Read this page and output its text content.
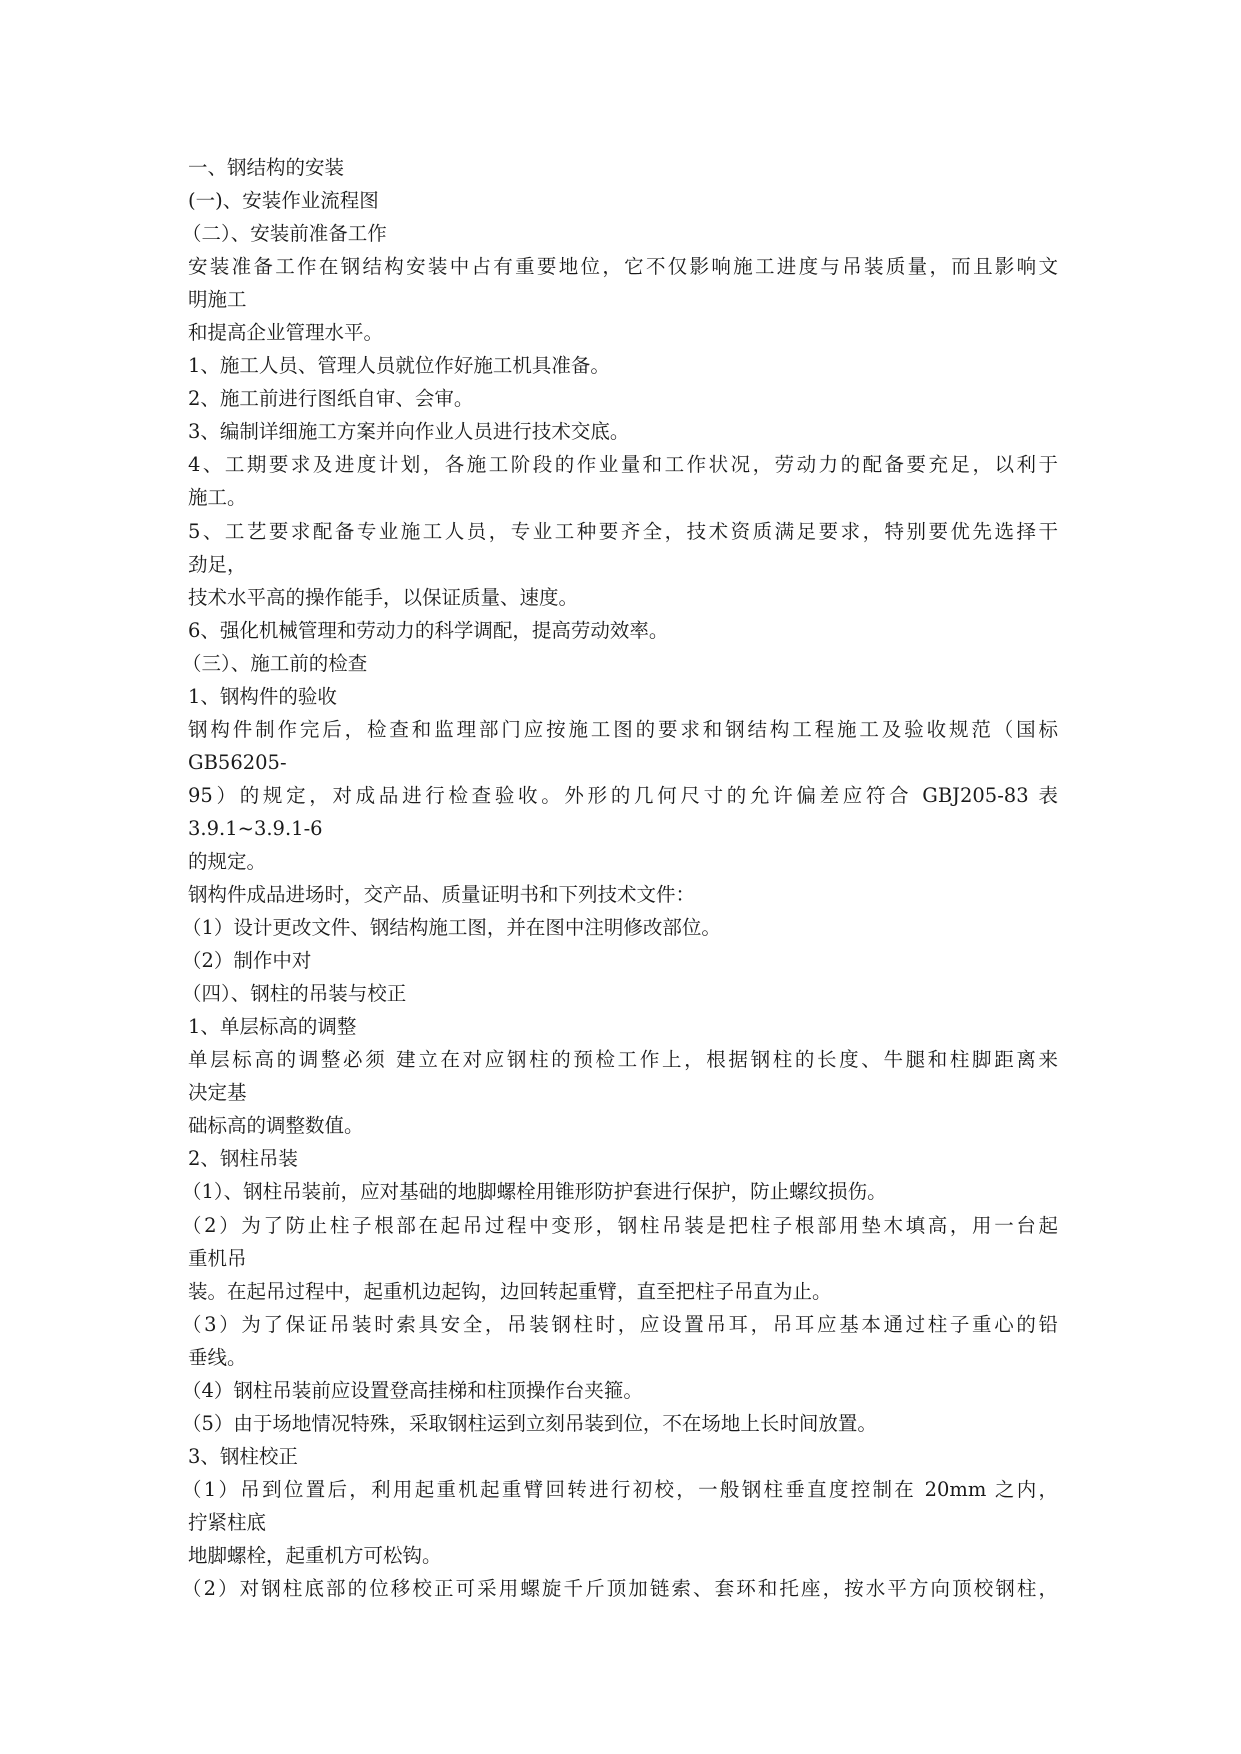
一、钢结构的安装
(一)、安装作业流程图
（二）、安装前准备工作
安装准备工作在钢结构安装中占有重要地位，它不仅影响施工进度与吊装质量，而且影响文
明施工
和提高企业管理水平。
1、施工人员、管理人员就位作好施工机具准备。
2、施工前进行图纸自审、会审。
3、编制详细施工方案并向作业人员进行技术交底。
4、工期要求及进度计划，各施工阶段的作业量和工作状况，劳动力的配备要充足，以利于
施工。
5、工艺要求配备专业施工人员，专业工种要齐全，技术资质满足要求，特别要优先选择干
劲足，
技术水平高的操作能手，以保证质量、速度。
6、强化机械管理和劳动力的科学调配，提高劳动效率。
（三）、施工前的检查
1、钢构件的验收
钢构件制作完后，检查和监理部门应按施工图的要求和钢结构工程施工及验收规范（国标
GB56205-
95）的规定，对成品进行检查验收。外形的几何尺寸的允许偏差应符合 GBJ205-83 表
3.9.1~3.9.1-6
的规定。
钢构件成品进场时，交产品、质量证明书和下列技术文件：
（1）设计更改文件、钢结构施工图，并在图中注明修改部位。
（2）制作中对
（四）、钢柱的吊装与校正
1、单层标高的调整
单层标高的调整必须 建立在对应钢柱的预检工作上，根据钢柱的长度、牛腿和柱脚距离来
决定基
础标高的调整数值。
2、钢柱吊装
（1）、钢柱吊装前，应对基础的地脚螺栓用锥形防护套进行保护，防止螺纹损伤。
（2）为了防止柱子根部在起吊过程中变形，钢柱吊装是把柱子根部用垫木填高，用一台起
重机吊
装。在起吊过程中，起重机边起钩，边回转起重臂，直至把柱子吊直为止。
（3）为了保证吊装时索具安全，吊装钢柱时，应设置吊耳，吊耳应基本通过柱子重心的铅
垂线。
（4）钢柱吊装前应设置登高挂梯和柱顶操作台夹箍。
（5）由于场地情况特殊，采取钢柱运到立刻吊装到位，不在场地上长时间放置。
3、钢柱校正
（1）吊到位置后，利用起重机起重臂回转进行初校，一般钢柱垂直度控制在 20mm 之内，
拧紧柱底
地脚螺栓，起重机方可松钩。
（2）对钢柱底部的位移校正可采用螺旋千斤顶加链索、套环和托座，按水平方向顶校钢柱，
